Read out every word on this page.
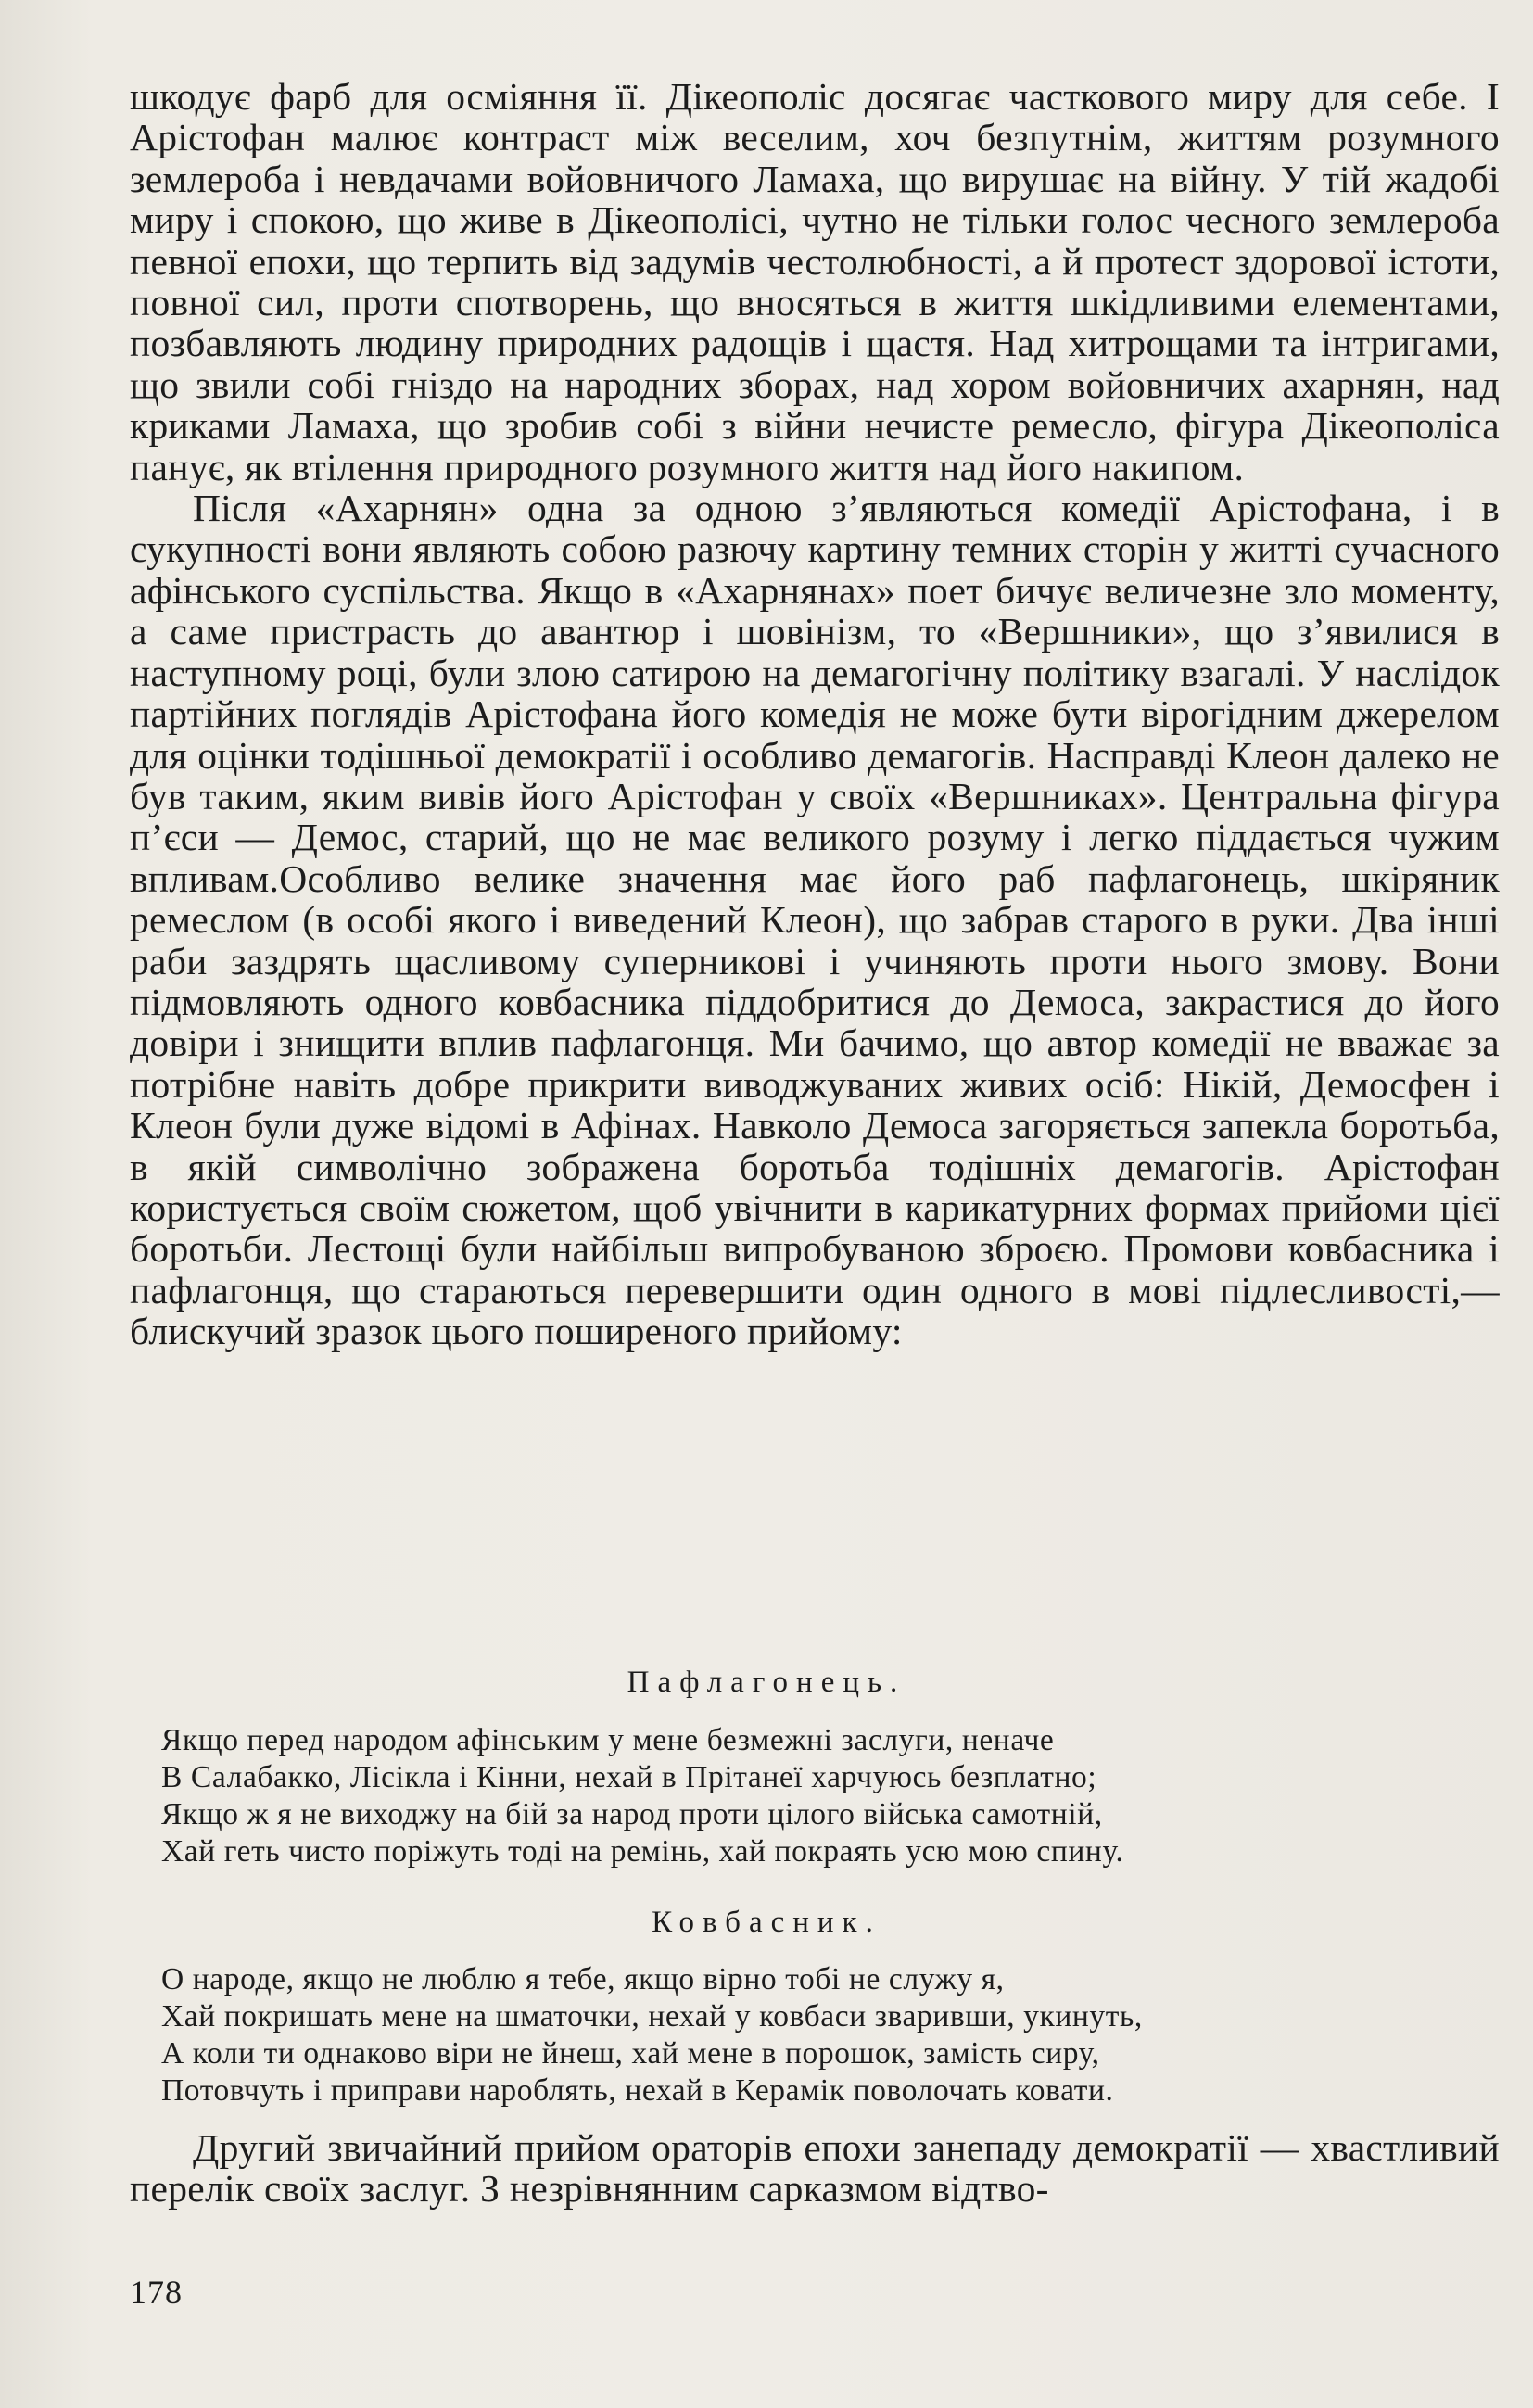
шкодує фарб для осміяння її. Дікеополіс досягає часткового миру для себе. І Арістофан малює контраст між веселим, хоч безпутнім, життям розумного землероба і невдачами войовничого Ламаха, що вирушає на війну. У тій жадобі миру і спокою, що живе в Дікеополісі, чутно не тільки голос чесного землероба певної епохи, що терпить від задумів честолюбності, а й протест здорової істоти, повної сил, проти спотворень, що вносяться в життя шкідливими елементами, позбавляють людину природних радощів і щастя. Над хитрощами та інтригами, що звили собі гніздо на народних зборах, над хором войовничих ахарнян, над криками Ламаха, що зробив собі з війни нечисте ремесло, фігура Дікеополіса панує, як втілення природного розумного життя над його накипом.

Після «Ахарнян» одна за одною з’являються комедії Арістофана, і в сукупності вони являють собою разючу картину темних сторін у житті сучасного афінського суспільства. Якщо в «Ахарнянах» поет бичує величезне зло моменту, а саме пристрасть до авантюр і шовінізм, то «Вершники», що з’явилися в наступному році, були злою сатирою на демагогічну політику взагалі. У наслідок партійних поглядів Арістофана його комедія не може бути вірогідним джерелом для оцінки тодішньої демократії і особливо демагогів. Насправді Клеон далеко не був таким, яким вивів його Арістофан у своїх «Вершниках». Центральна фігура п’єси — Демос, старий, що не має великого розуму і легко піддається чужим впливам.Особливо велике значення має його раб пафлагонець, шкіряник ремеслом (в особі якого і виведений Клеон), що забрав старого в руки. Два інші раби заздрять щасливому суперникові і учиняють проти нього змову. Вони підмовляють одного ковбасника піддобритися до Демоса, закрастися до його довіри і знищити вплив пафлагонця. Ми бачимо, що автор комедії не вважає за потрібне навіть добре прикрити виводжуваних живих осіб: Нікій, Демосфен і Клеон були дуже відомі в Афінах. Навколо Демоса загоряється запекла боротьба, в якій символічно зображена боротьба тодішніх демагогів. Арістофан користується своїм сюжетом, щоб увічнити в карикатурних формах прийоми цієї боротьби. Лестощі були найбільш випробуваною зброєю. Промови ковбасника і пафлагонця, що стараються перевершити один одного в мові підлесливості,— блискучий зразок цього поширеного прийому:

Пафлагонець.
Якщо перед народом афінським у мене безмежні заслуги, неначе
В Салабакко, Лісікла і Кінни, нехай в Прітанеї харчуюсь безплатно;
Якщо ж я не виходжу на бій за народ проти цілого війська самотній,
Хай геть чисто поріжуть тоді на ремінь, хай покраять усю мою спину.
Ковбасник.
О народе, якщо не люблю я тебе, якщо вірно тобі не служу я,
Хай покришать мене на шматочки, нехай у ковбаси зваривши, укинуть,
А коли ти однаково віри не йнеш, хай мене в порошок, замість сиру,
Потовчуть і приправи нароблять, нехай в Керамік поволочать ковати.

Другий звичайний прийом ораторів епохи занепаду демократії — хвастливий перелік своїх заслуг. З незрівнянним сарказмом відтво-

178
